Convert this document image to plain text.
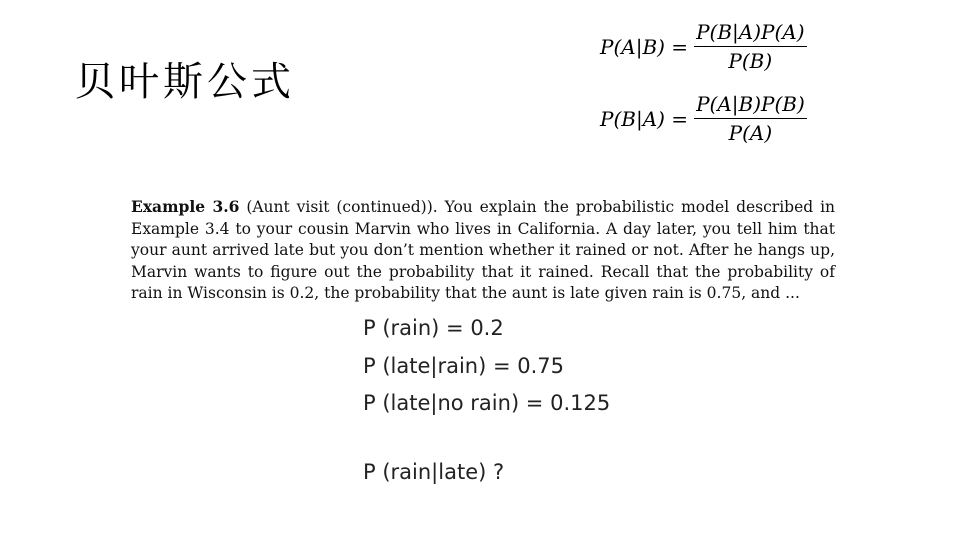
贝叶斯公式
$P(A|B) = \frac{P(B|A)P(A)}{P(B)}$
$P(B|A) = \frac{P(A|B)P(B)}{P(A)}$
Example 3.6 (Aunt visit (continued)). You explain the probabilistic model described in Example 3.4 to your cousin Marvin who lives in California. A day later, you tell him that your aunt arrived late but you don’t mention whether it rained or not. After he hangs up, Marvin wants to figure out the probability that it rained. Recall that the probability of rain in Wisconsin is 0.2, the probability that the aunt is late given rain is 0.75, and ...
P (rain) = 0.2
P (late|rain) = 0.75
P (late|no rain) = 0.125
P (rain|late) ?
